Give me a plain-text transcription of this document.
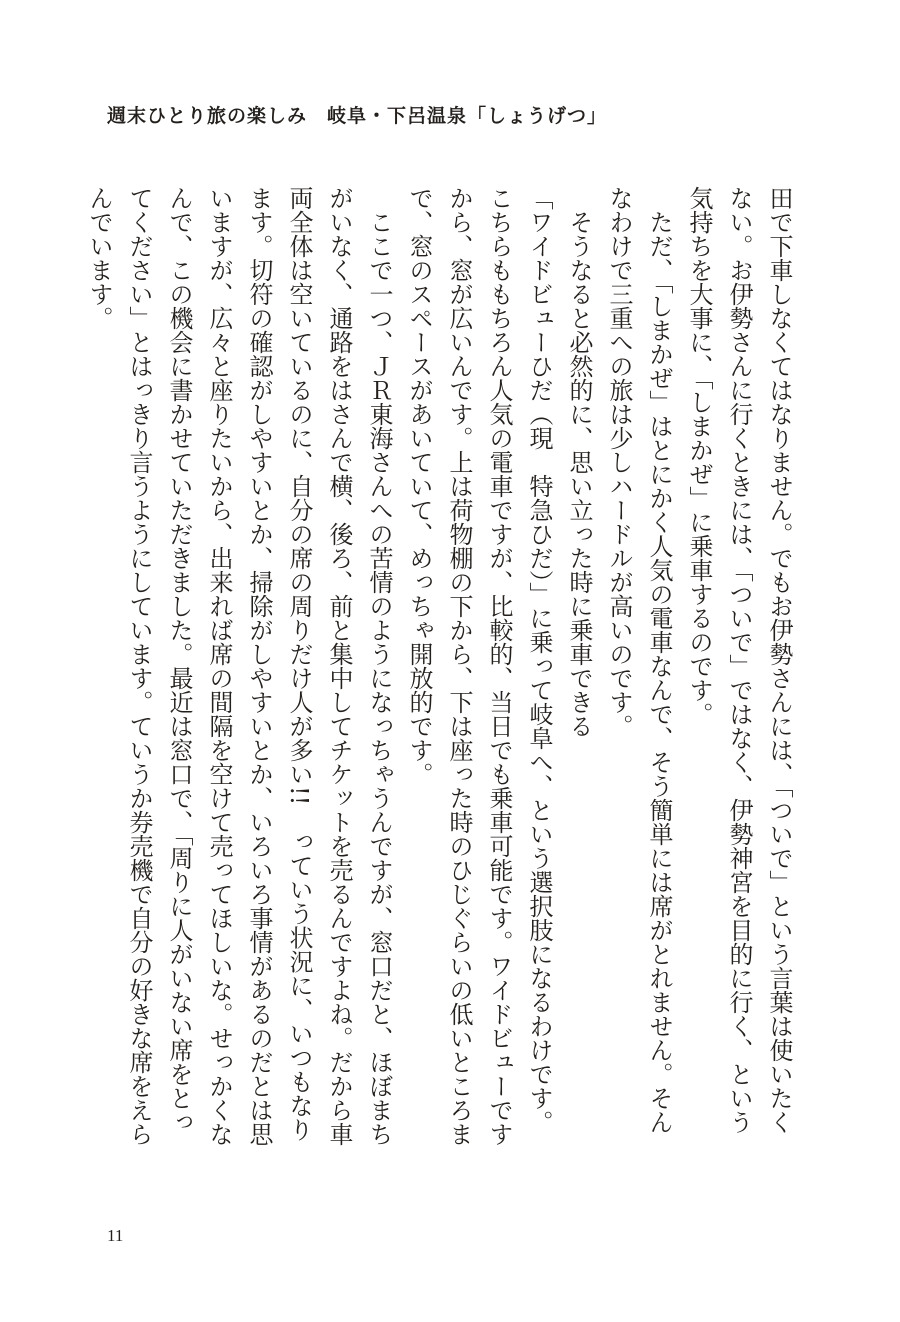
週末ひとり旅の楽しみ　岐阜・下呂温泉「しょうげつ」

田で下車しなくてはなりません。でもお伊勢さんには、「ついで」という言葉は使いたくない。お伊勢さんに行くときには、「ついで」ではなく、伊勢神宮を目的に行く、という気持ちを大事に、「しまかぜ」に乗車するのです。

ただ、「しまかぜ」はとにかく人気の電車なんで、そう簡単には席がとれません。そんなわけで三重への旅は少しハードルが高いのです。

そうなると必然的に、思い立った時に乗車できる「ワイドビューひだ（現　特急ひだ）」に乗って岐阜へ、という選択肢になるわけです。こちらももちろん人気の電車ですが、比較的、当日でも乗車可能です。ワイドビューですから、窓が広いんです。上は荷物棚の下から、下は座った時のひじぐらいの低いところまで、窓のスペースがあいていて、めっちゃ開放的です。

ここで一つ、ＪＲ東海さんへの苦情のようになっちゃうんですが、窓口だと、ほぼまちがいなく、通路をはさんで横、後ろ、前と集中してチケットを売るんですよね。だから車両全体は空いているのに、自分の席の周りだけ人が多い!!　っていう状況に、いつもなります。切符の確認がしやすいとか、掃除がしやすいとか、いろいろ事情があるのだとは思いますが、広々と座りたいから、出来れば席の間隔を空けて売ってほしいな。せっかくなんで、この機会に書かせていただきました。最近は窓口で、「周りに人がいない席をとってください」とはっきり言うようにしています。ていうか券売機で自分の好きな席をえらんでいます。

11
